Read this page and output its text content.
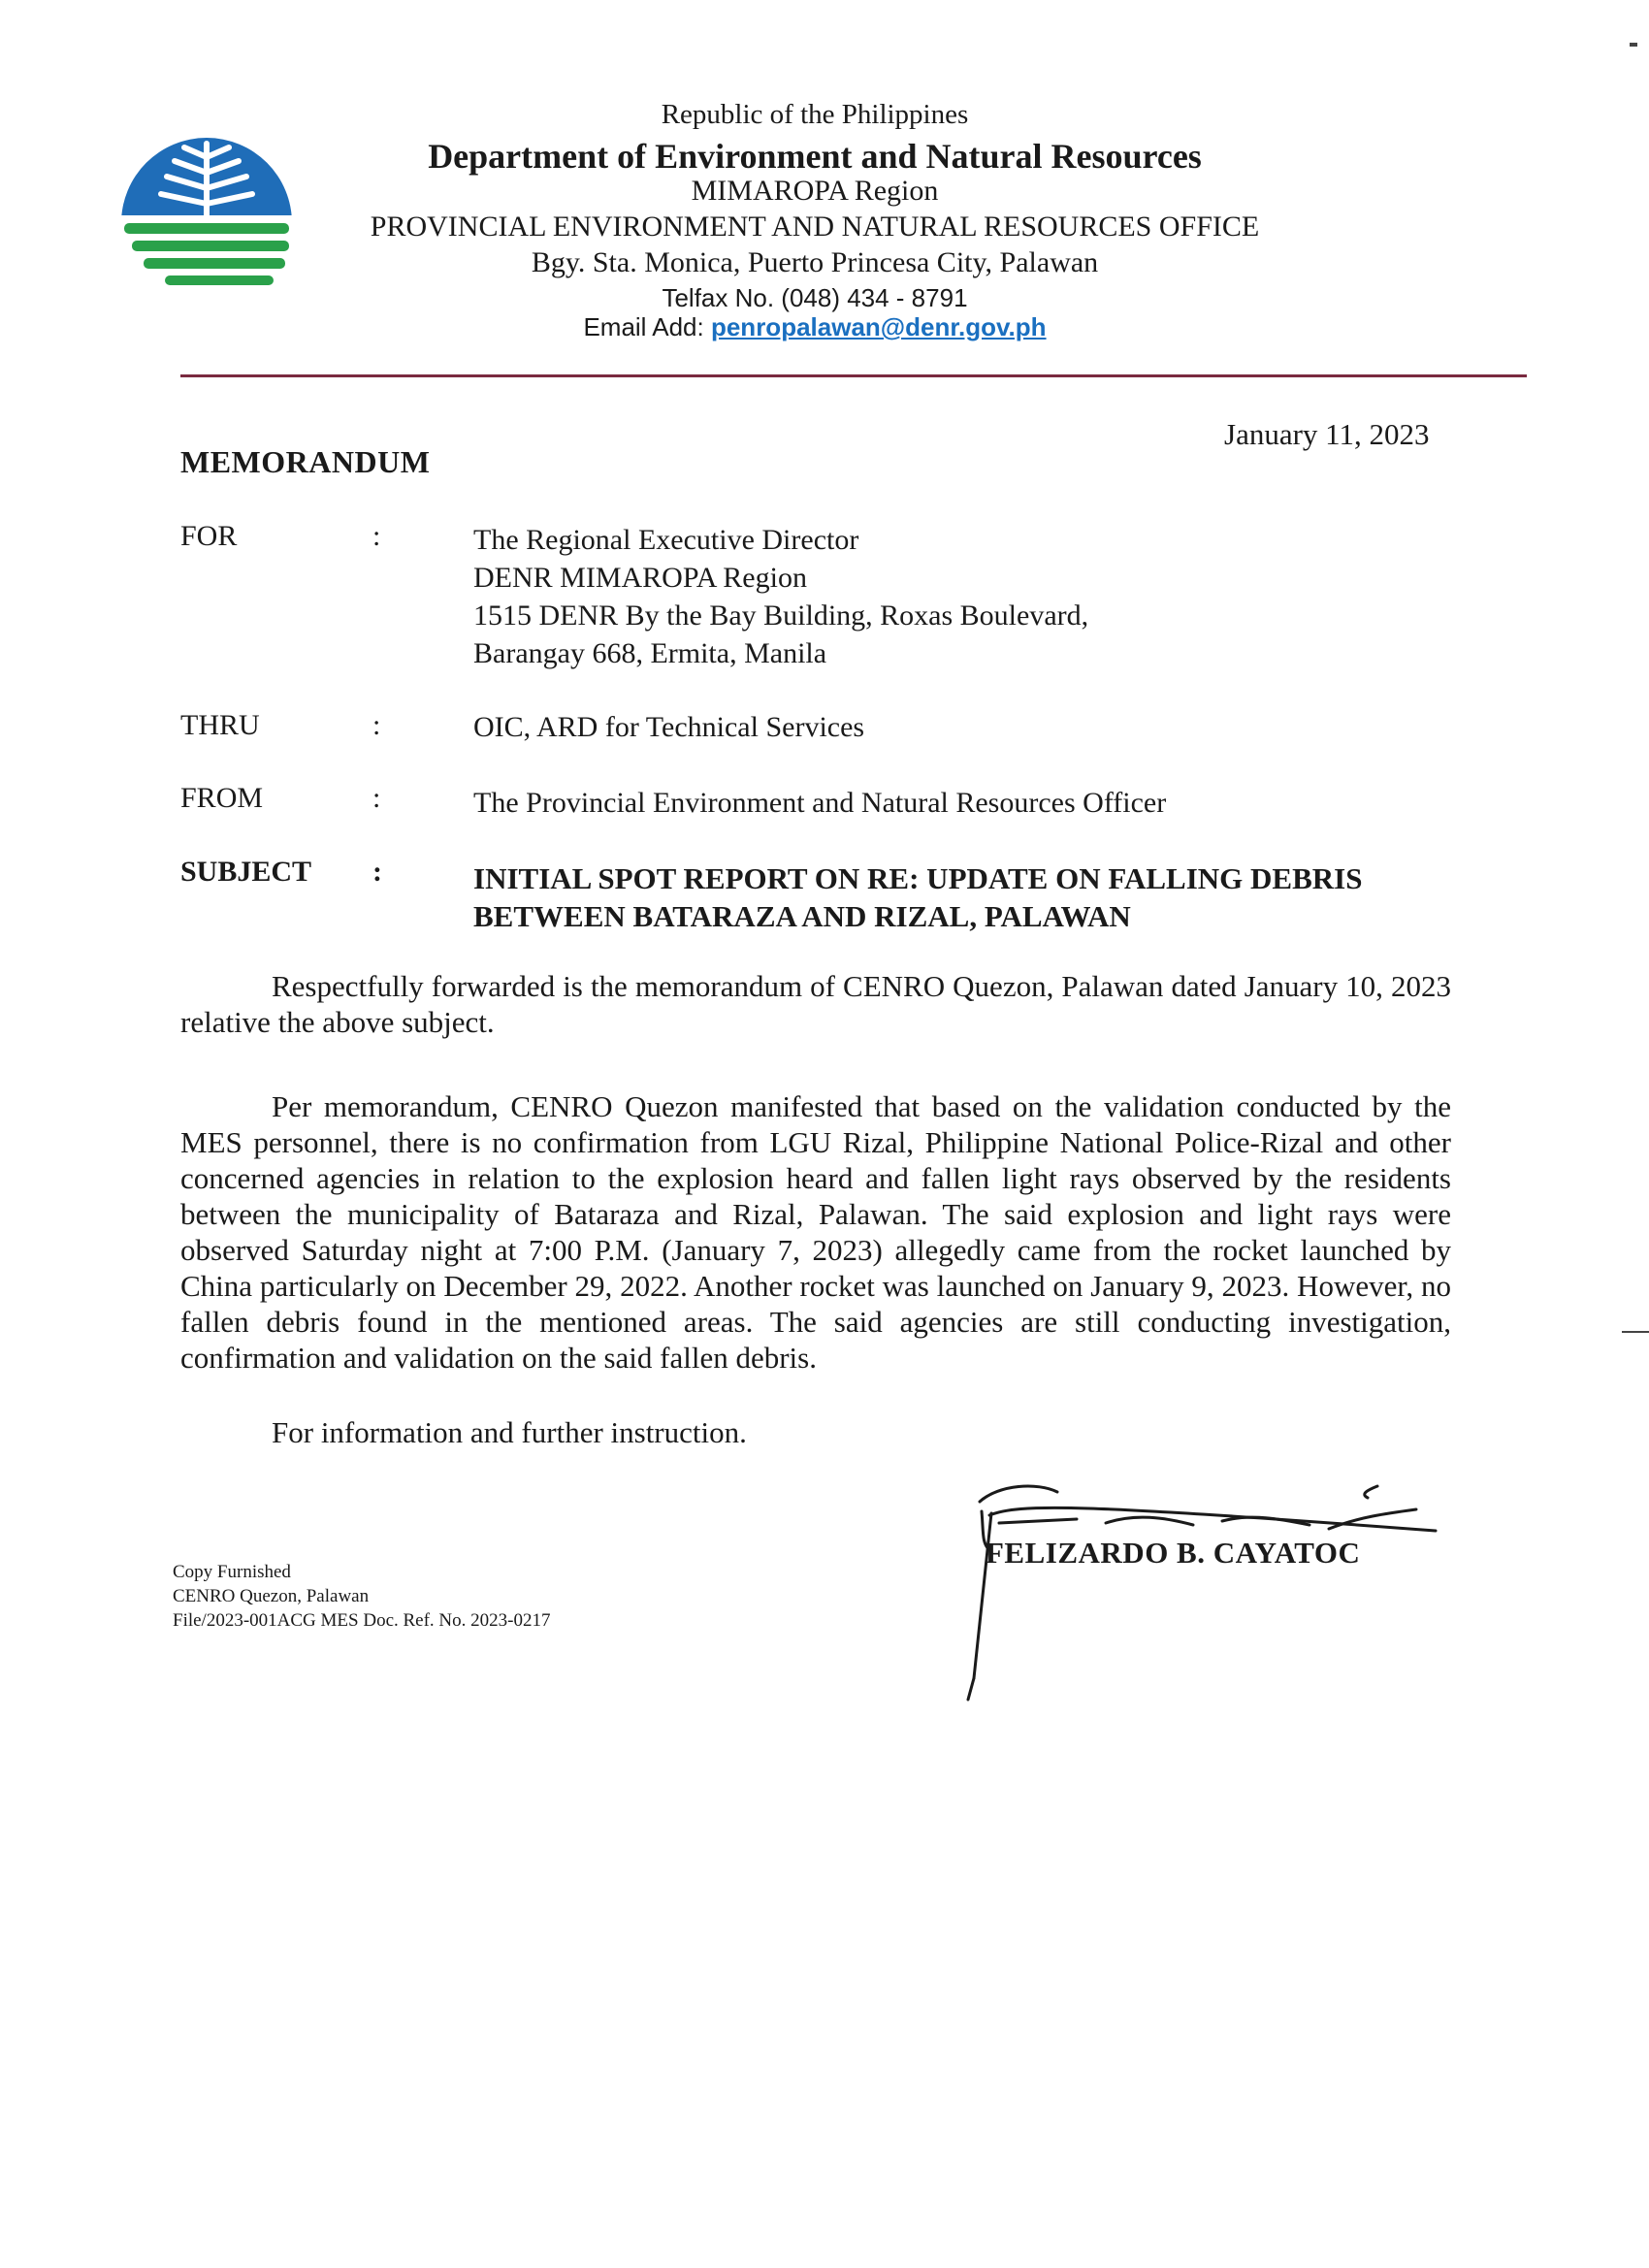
Republic of the Philippines
Department of Environment and Natural Resources
MIMAROPA Region
PROVINCIAL ENVIRONMENT AND NATURAL RESOURCES OFFICE
Bgy. Sta. Monica, Puerto Princesa City, Palawan
Telfax No. (048) 434 - 8791
Email Add: penropalawan@denr.gov.ph
January 11, 2023
MEMORANDUM
FOR	:	The Regional Executive Director
DENR MIMAROPA Region
1515 DENR By the Bay Building, Roxas Boulevard,
Barangay 668, Ermita, Manila
THRU	:	OIC, ARD for Technical Services
FROM	:	The Provincial Environment and Natural Resources Officer
SUBJECT :	INITIAL SPOT REPORT ON RE: UPDATE ON FALLING DEBRIS
BETWEEN BATARAZA AND RIZAL, PALAWAN
Respectfully forwarded is the memorandum of CENRO Quezon, Palawan dated January 10, 2023 relative the above subject.
Per memorandum, CENRO Quezon manifested that based on the validation conducted by the MES personnel, there is no confirmation from LGU Rizal, Philippine National Police-Rizal and other concerned agencies in relation to the explosion heard and fallen light rays observed by the residents between the municipality of Bataraza and Rizal, Palawan. The said explosion and light rays were observed Saturday night at 7:00 P.M. (January 7, 2023) allegedly came from the rocket launched by China particularly on December 29, 2022. Another rocket was launched on January 9, 2023. However, no fallen debris found in the mentioned areas. The said agencies are still conducting investigation, confirmation and validation on the said fallen debris.
For information and further instruction.
FELIZARDO B. CAYATOC
Copy Furnished
CENRO Quezon, Palawan
File/2023-001ACG MES Doc. Ref. No. 2023-0217
